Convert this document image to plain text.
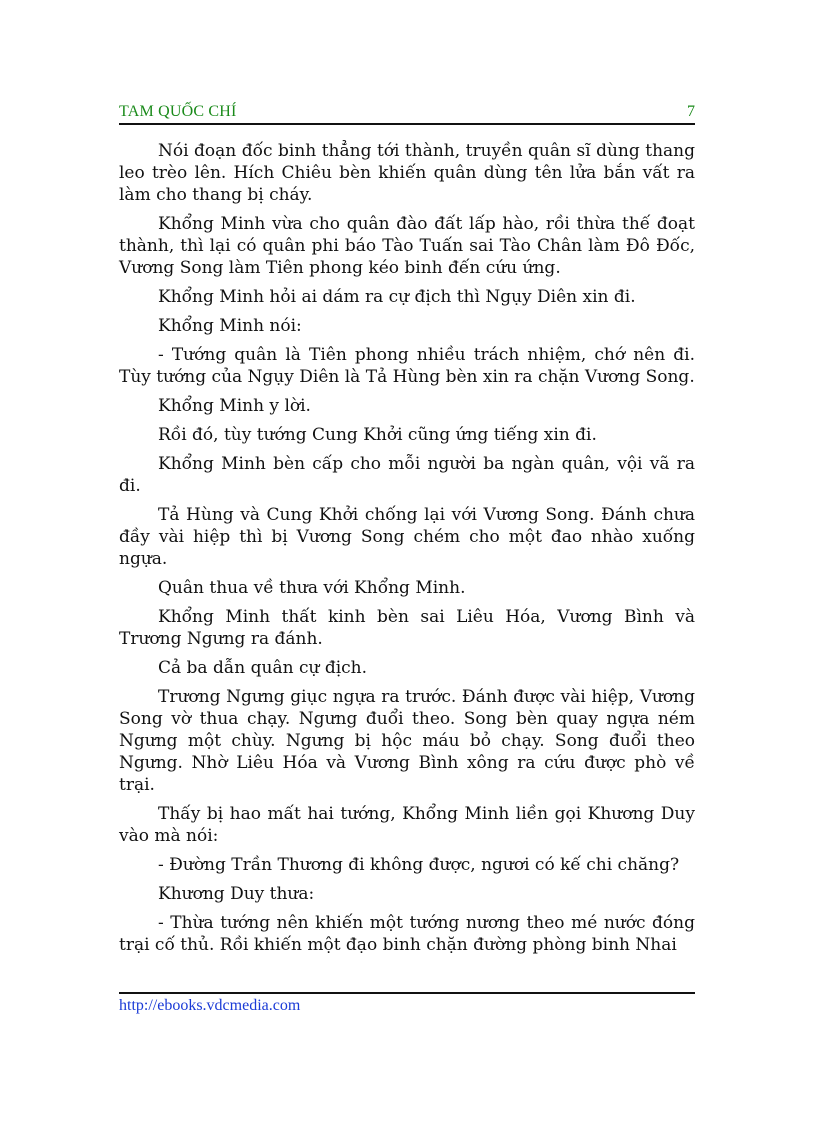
TAM QUỐC CHÍ	7

Nói đoạn đốc binh thẳng tới thành, truyền quân sĩ dùng thang leo trèo lên. Hích Chiêu bèn khiến quân dùng tên lửa bắn vất ra làm cho thang bị cháy.

Khổng Minh vừa cho quân đào đất lấp hào, rồi thừa thế đoạt thành, thì lại có quân phi báo Tào Tuấn sai Tào Chân làm Đô Đốc, Vương Song làm Tiên phong kéo binh đến cứu ứng.

Khổng Minh hỏi ai dám ra cự địch thì Ngụy Diên xin đi.

Khổng Minh nói:

- Tướng quân là Tiên phong nhiều trách nhiệm, chớ nên đi. Tùy tướng của Ngụy Diên là Tả Hùng bèn xin ra chặn Vương Song.

Khổng Minh y lời.

Rồi đó, tùy tướng Cung Khởi cũng ứng tiếng xin đi.

Khổng Minh bèn cấp cho mỗi người ba ngàn quân, vội vã ra đi.

Tả Hùng và Cung Khởi chống lại với Vương Song. Đánh chưa đầy vài hiệp thì bị Vương Song chém cho một đao nhào xuống ngựa.

Quân thua về thưa với Khổng Minh.

Khổng Minh thất kinh bèn sai Liêu Hóa, Vương Bình và Trương Ngưng ra đánh.

Cả ba dẫn quân cự địch.

Trương Ngưng giục ngựa ra trước. Đánh được vài hiệp, Vương Song vờ thua chạy. Ngưng đuổi theo. Song bèn quay ngựa ném Ngưng một chùy. Ngưng bị hộc máu bỏ chạy. Song đuổi theo Ngưng. Nhờ Liêu Hóa và Vương Bình xông ra cứu được phò về trại.

Thấy bị hao mất hai tướng, Khổng Minh liền gọi Khương Duy vào mà nói:

- Đường Trần Thương đi không được, ngươi có kế chi chăng?

Khương Duy thưa:

- Thừa tướng nên khiến một tướng nương theo mé nước đóng trại cố thủ. Rồi khiến một đạo binh chặn đường phòng binh Nhai

http://ebooks.vdcmedia.com
